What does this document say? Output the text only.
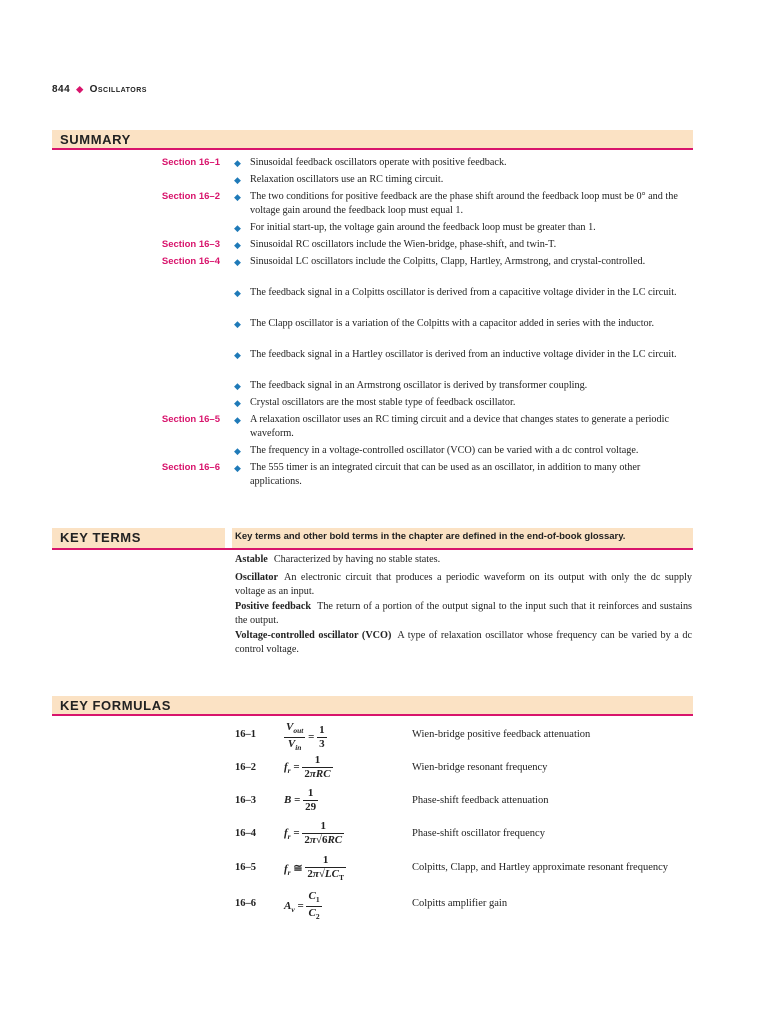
844 ◆ Oscillators
SUMMARY
Section 16–1 ◆ Sinusoidal feedback oscillators operate with positive feedback.
◆ Relaxation oscillators use an RC timing circuit.
Section 16–2 ◆ The two conditions for positive feedback are the phase shift around the feedback loop must be 0° and the voltage gain around the feedback loop must equal 1.
◆ For initial start-up, the voltage gain around the feedback loop must be greater than 1.
Section 16–3 ◆ Sinusoidal RC oscillators include the Wien-bridge, phase-shift, and twin-T.
Section 16–4 ◆ Sinusoidal LC oscillators include the Colpitts, Clapp, Hartley, Armstrong, and crystal-controlled.
◆ The feedback signal in a Colpitts oscillator is derived from a capacitive voltage divider in the LC circuit.
◆ The Clapp oscillator is a variation of the Colpitts with a capacitor added in series with the inductor.
◆ The feedback signal in a Hartley oscillator is derived from an inductive voltage divider in the LC circuit.
◆ The feedback signal in an Armstrong oscillator is derived by transformer coupling.
◆ Crystal oscillators are the most stable type of feedback oscillator.
Section 16–5 ◆ A relaxation oscillator uses an RC timing circuit and a device that changes states to generate a periodic waveform.
◆ The frequency in a voltage-controlled oscillator (VCO) can be varied with a dc control voltage.
Section 16–6 ◆ The 555 timer is an integrated circuit that can be used as an oscillator, in addition to many other applications.
KEY TERMS	Key terms and other bold terms in the chapter are defined in the end-of-book glossary.
Astable Characterized by having no stable states.
Oscillator An electronic circuit that produces a periodic waveform on its output with only the dc supply voltage as an input.
Positive feedback The return of a portion of the output signal to the input such that it reinforces and sustains the output.
Voltage-controlled oscillator (VCO) A type of relaxation oscillator whose frequency can be varied by a dc control voltage.
KEY FORMULAS
16–1	$\frac{V_{out}}{V_{in}} = \frac{1}{3}$	Wien-bridge positive feedback attenuation
16–2	$f_r = \frac{1}{\text{2πRC}}$	Wien-bridge resonant frequency
16–3	$B = \frac{1}{29}$	Phase-shift feedback attenuation
16–4	$f_r = \frac{1}{2\pi√6RC}$	Phase-shift oscillator frequency
16–5	$f_r$ ≅ $\frac{1}{2\pi√LC_T}$	Colpitts, Clapp, and Hartley approximate resonant frequency
16–6	$A_v = \frac{C_1}{C_2}$	Colpitts amplifier gain
